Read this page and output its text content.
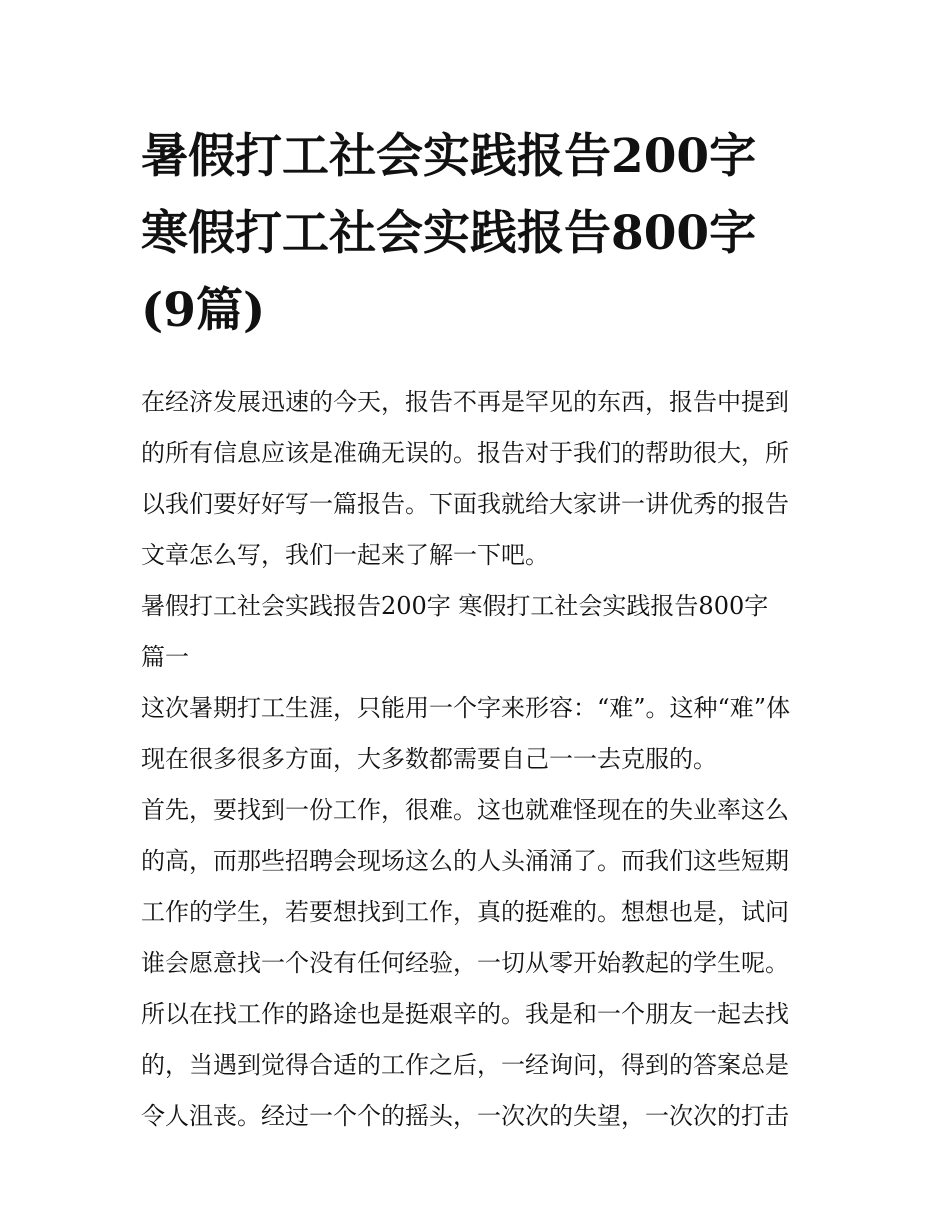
暑假打工社会实践报告200字
寒假打工社会实践报告800字
(9篇)

在经济发展迅速的今天，报告不再是罕见的东西，报告中提到
的所有信息应该是准确无误的。报告对于我们的帮助很大，所
以我们要好好写一篇报告。下面我就给大家讲一讲优秀的报告
文章怎么写，我们一起来了解一下吧。

暑假打工社会实践报告200字 寒假打工社会实践报告800字
篇一

这次暑期打工生涯，只能用一个字来形容：“难”。这种“难”体
现在很多很多方面，大多数都需要自己一一去克服的。

首先，要找到一份工作，很难。这也就难怪现在的失业率这么
的高，而那些招聘会现场这么的人头涌涌了。而我们这些短期
工作的学生，若要想找到工作，真的挺难的。想想也是，试问
谁会愿意找一个没有任何经验，一切从零开始教起的学生呢。
所以在找工作的路途也是挺艰辛的。我是和一个朋友一起去找
的，当遇到觉得合适的工作之后，一经询问，得到的答案总是
令人沮丧。经过一个个的摇头，一次次的失望，一次次的打击
